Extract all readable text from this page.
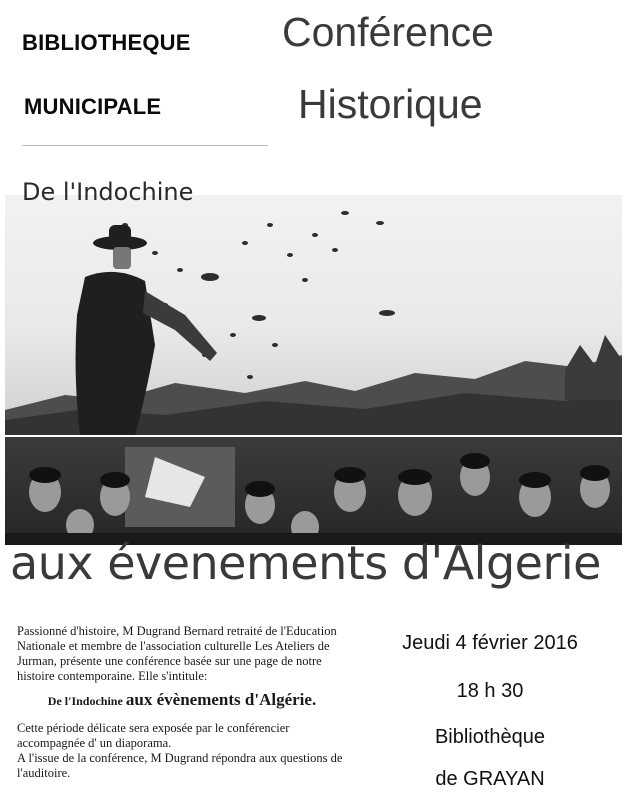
BIBLIOTHEQUE
MUNICIPALE
Conférence
Historique
De l'Indochine
aux évenements d'Algerie

Passionné d'histoire, M Dugrand Bernard retraité de l'Education Nationale et membre de l'association culturelle Les Ateliers de Jurman, présente une conférence basée sur une page de notre histoire contemporaine. Elle s'intitule:

De l'Indochine aux évènements d'Algérie.

Cette période délicate sera exposée par le conférencier accompagnée d' un diaporama.

A l'issue de la conférence, M Dugrand répondra aux questions de l'auditoire.

Jeudi 4 février 2016
18 h 30
Bibliothèque
de GRAYAN
